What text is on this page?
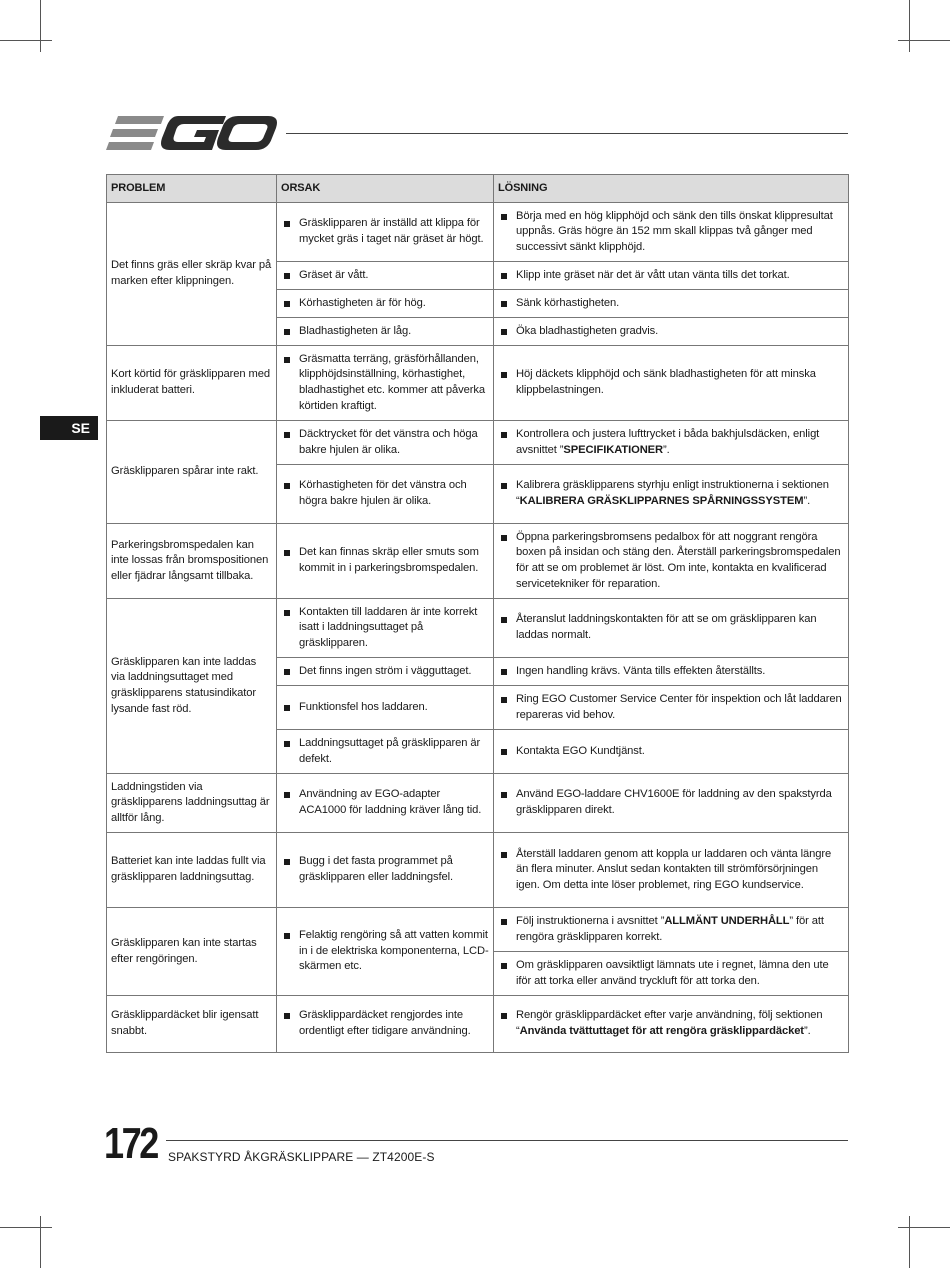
SE
PROBLEM	ORSAK	LÖSNING
Det finns gräs eller skräp kvar på marken efter klippningen.	Gräsklipparen är inställd att klippa för mycket gräs i taget när gräset är högt.	Börja med en hög klipphöjd och sänk den tills önskat klippresultat uppnås. Gräs högre än 152 mm skall klippas två gånger med successivt sänkt klipphöjd.

	Gräset är vått.	Klipp inte gräset när det är vått utan vänta tills det torkat.

	Körhastigheten är för hög.	Sänk körhastigheten.

	Bladhastigheten är låg.	Öka bladhastigheten gradvis.

Kort körtid för gräsklipparen med inkluderat batteri.	Gräsmatta terräng, gräsförhållanden, klipphöjdsinställning, körhastighet, bladhastighet etc. kommer att påverka körtiden kraftigt.	Höj däckets klipphöjd och sänk bladhastigheten för att minska klippbelastningen.

Gräsklipparen spårar inte rakt.	Däcktrycket för det vänstra och höga bakre hjulen är olika.	Kontrollera och justera lufttrycket i båda bakhjulsdäcken, enligt avsnittet ”SPECIFIKATIONER”.

	Körhastigheten för det vänstra och högra bakre hjulen är olika.	Kalibrera gräsklipparens styrhju enligt instruktionerna i sektionen “KALIBRERA GRÄSKLIPPARNES SPÅRNINGSSYSTEM”.

Parkeringsbromspedalen kan inte lossas från bromspositionen eller fjädrar långsamt tillbaka.	Det kan finnas skräp eller smuts som kommit in i parkeringsbromspedalen.	Öppna parkeringsbromsens pedalbox för att noggrant rengöra boxen på insidan och stäng den. Återställ parkeringsbromspedalen för att se om problemet är löst. Om inte, kontakta en kvalificerad servicetekniker för reparation.

Gräsklipparen kan inte laddas via laddningsuttaget med gräsklipparens statusindikator lysande fast röd.	Kontakten till laddaren är inte korrekt isatt i laddningsuttaget på gräsklipparen.	Återanslut laddningskontakten för att se om gräsklipparen kan laddas normalt.

	Det finns ingen ström i vägguttaget.	Ingen handling krävs. Vänta tills effekten återställts.

	Funktionsfel hos laddaren.	Ring EGO Customer Service Center för inspektion och låt laddaren repareras vid behov.

	Laddningsuttaget på gräsklipparen är defekt.	Kontakta EGO Kundtjänst.

Laddningstiden via gräsklipparens laddningsuttag är alltför lång.	Användning av EGO-adapter ACA1000 för laddning kräver lång tid.	Använd EGO-laddare CHV1600E för laddning av den spakstyrda gräsklipparen direkt.

Batteriet kan inte laddas fullt via gräsklipparen laddningsuttag.	Bugg i det fasta programmet på gräsklipparen eller laddningsfel.	Återställ laddaren genom att koppla ur laddaren och vänta längre än flera minuter. Anslut sedan kontakten till strömförsörjningen igen. Om detta inte löser problemet, ring EGO kundservice.

Gräsklipparen kan inte startas efter rengöringen.	Felaktig rengöring så att vatten kommit in i de elektriska komponenterna, LCD-skärmen etc.	Följ instruktionerna i avsnittet ”ALLMÄNT UNDERHÅLL” för att rengöra gräsklipparen korrekt.

		Om gräsklipparen oavsiktligt lämnats ute i regnet, lämna den ute iför att torka eller använd tryckluft för att torka den.

Gräsklippardäcket blir igensatt snabbt.	Gräsklippardäcket rengjordes inte ordentligt efter tidigare användning.	Rengör gräsklippardäcket efter varje användning, följ sektionen “Använda tvättuttaget för att rengöra gräsklippardäcket”.
172 SPAKSTYRD ÅKGRÄSKLIPPARE — ZT4200E-S
